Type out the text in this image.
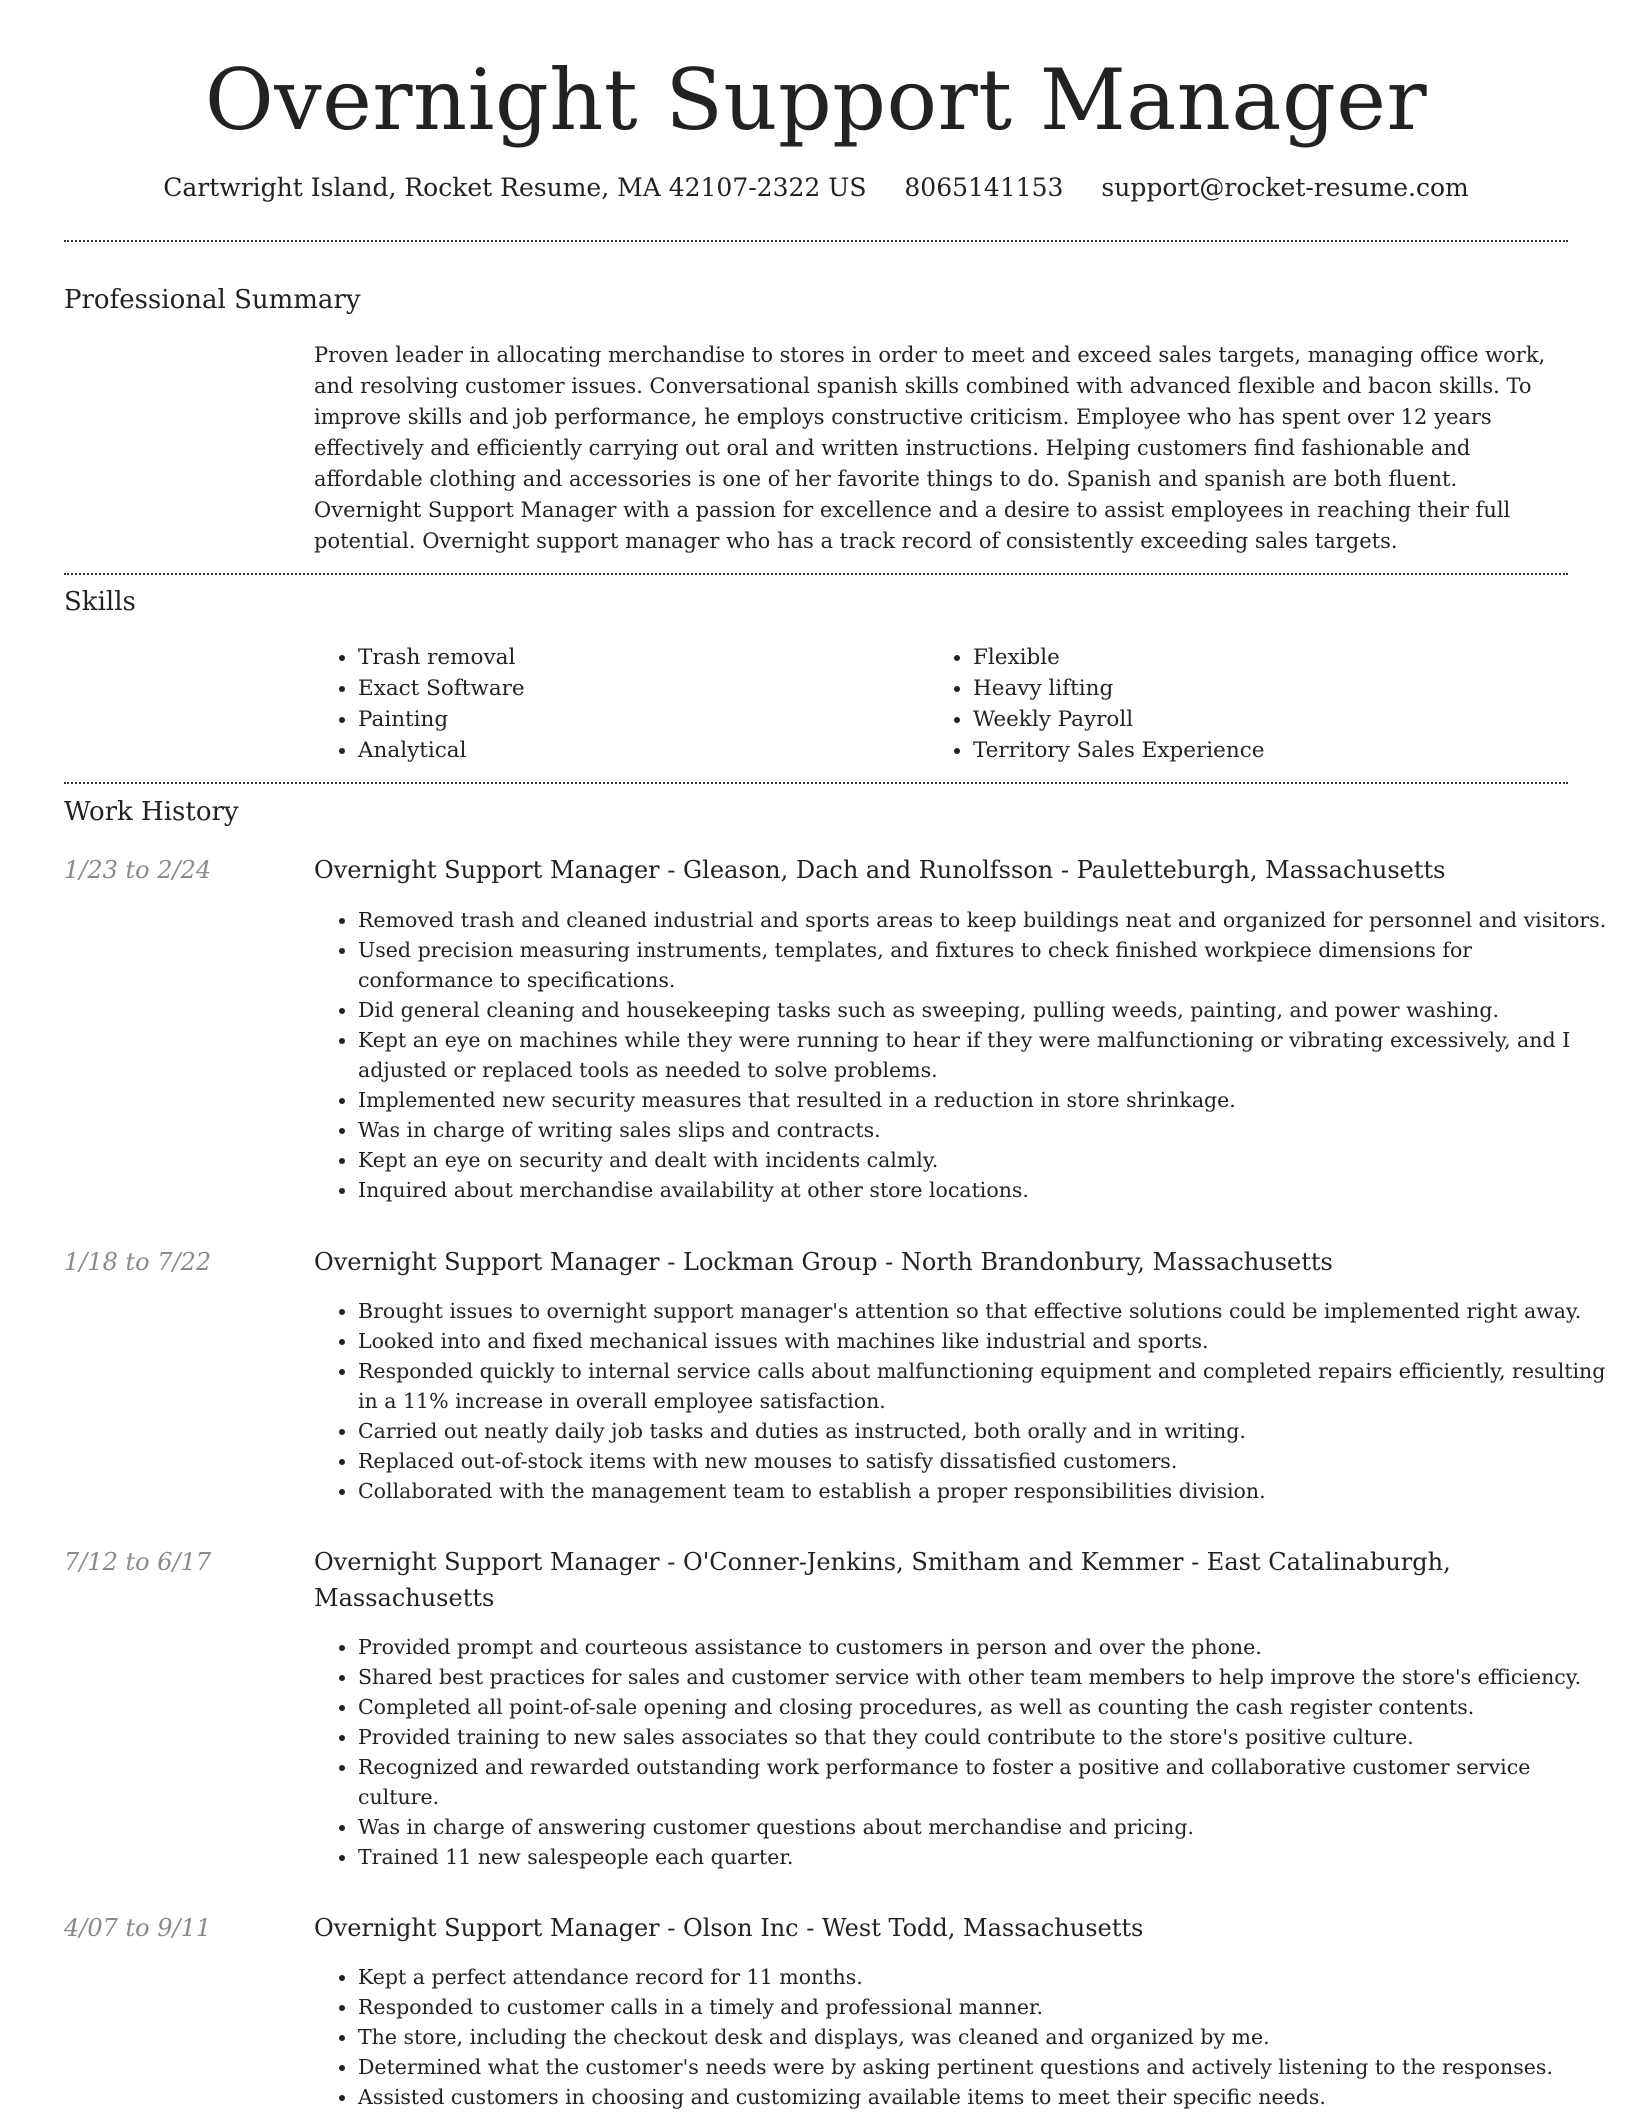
Overnight Support Manager
Cartwright Island, Rocket Resume, MA 42107-2322 US 8065141153 support@rocket-resume.com
Professional Summary

Proven leader in allocating merchandise to stores in order to meet and exceed sales targets, managing office work, and resolving customer issues. Conversational spanish skills combined with advanced flexible and bacon skills. To improve skills and job performance, he employs constructive criticism. Employee who has spent over 12 years effectively and efficiently carrying out oral and written instructions. Helping customers find fashionable and affordable clothing and accessories is one of her favorite things to do. Spanish and spanish are both fluent. Overnight Support Manager with a passion for excellence and a desire to assist employees in reaching their full potential. Overnight support manager who has a track record of consistently exceeding sales targets.

Skills
• Trash removal
• Exact Software
• Painting
• Analytical
• Flexible
• Heavy lifting
• Weekly Payroll
• Territory Sales Experience
Work History
1/23 to 2/24	Overnight Support Manager - Gleason, Dach and Runolfsson - Pauletteburgh, Massachusetts
• Removed trash and cleaned industrial and sports areas to keep buildings neat and organized for personnel and visitors.
• Used precision measuring instruments, templates, and fixtures to check finished workpiece dimensions for conformance to specifications.
• Did general cleaning and housekeeping tasks such as sweeping, pulling weeds, painting, and power washing.
• Kept an eye on machines while they were running to hear if they were malfunctioning or vibrating excessively, and I adjusted or replaced tools as needed to solve problems.
• Implemented new security measures that resulted in a reduction in store shrinkage.
• Was in charge of writing sales slips and contracts.
• Kept an eye on security and dealt with incidents calmly.
• Inquired about merchandise availability at other store locations.
1/18 to 7/22	Overnight Support Manager - Lockman Group - North Brandonbury, Massachusetts
• Brought issues to overnight support manager's attention so that effective solutions could be implemented right away.
• Looked into and fixed mechanical issues with machines like industrial and sports.
• Responded quickly to internal service calls about malfunctioning equipment and completed repairs efficiently, resulting in a 11% increase in overall employee satisfaction.
• Carried out neatly daily job tasks and duties as instructed, both orally and in writing.
• Replaced out-of-stock items with new mouses to satisfy dissatisfied customers.
• Collaborated with the management team to establish a proper responsibilities division.
7/12 to 6/17	Overnight Support Manager - O'Conner-Jenkins, Smitham and Kemmer - East Catalinaburgh, Massachusetts
• Provided prompt and courteous assistance to customers in person and over the phone.
• Shared best practices for sales and customer service with other team members to help improve the store's efficiency.
• Completed all point-of-sale opening and closing procedures, as well as counting the cash register contents.
• Provided training to new sales associates so that they could contribute to the store's positive culture.
• Recognized and rewarded outstanding work performance to foster a positive and collaborative customer service culture.
• Was in charge of answering customer questions about merchandise and pricing.
• Trained 11 new salespeople each quarter.
4/07 to 9/11	Overnight Support Manager - Olson Inc - West Todd, Massachusetts
• Kept a perfect attendance record for 11 months.
• Responded to customer calls in a timely and professional manner.
• The store, including the checkout desk and displays, was cleaned and organized by me.
• Determined what the customer's needs were by asking pertinent questions and actively listening to the responses.
• Assisted customers in choosing and customizing available items to meet their specific needs.
